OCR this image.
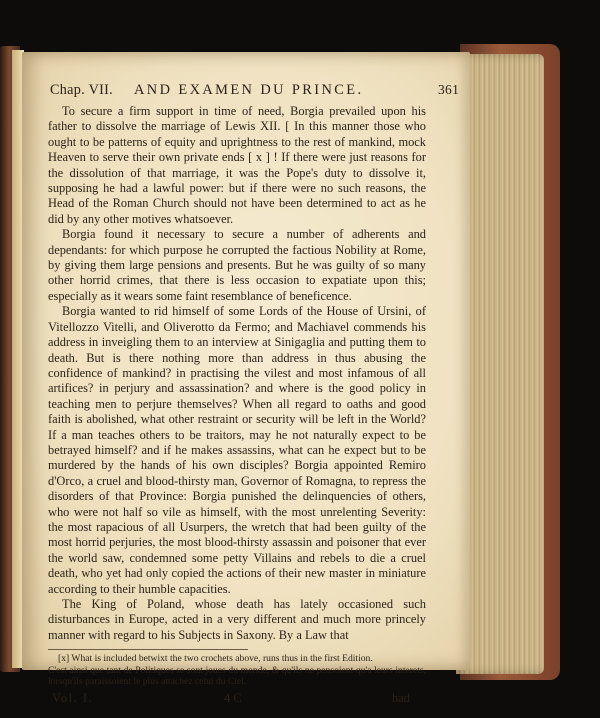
Chap. VII. AND EXAMEN DU PRINCE.	361

To secure a firm support in time of need, Borgia prevailed upon his father to dissolve the marriage of Lewis XII. [ In this manner those who ought to be patterns of equity and uprightness to the rest of mankind, mock Heaven to serve their own private ends [ x ] ! If there were just reasons for the dissolution of that marriage, it was the Pope's duty to dissolve it, supposing he had a lawful power: but if there were no such reasons, the Head of the Roman Church should not have been determined to act as he did by any other motives whatsoever.

Borgia found it necessary to secure a number of adherents and dependants: for which purpose he corrupted the factious Nobility at Rome, by giving them large pensions and presents. But he was guilty of so many other horrid crimes, that there is less occasion to expatiate upon this; especially as it wears some faint resemblance of beneficence.

Borgia wanted to rid himself of some Lords of the House of Ursini, of Vitellozzo Vitelli, and Oliverotto da Fermo; and Machiavel commends his address in inveigling them to an interview at Sinigaglia and putting them to death. But is there nothing more than address in thus abusing the confidence of mankind? in practising the vilest and most infamous of all artifices? in perjury and assassination? and where is the good policy in teaching men to perjure themselves? When all regard to oaths and good faith is abolished, what other restraint or security will be left in the World? If a man teaches others to be traitors, may he not naturally expect to be betrayed himself? and if he makes assassins, what can he expect but to be murdered by the hands of his own disciples? Borgia appointed Remiro d'Orco, a cruel and blood-thirsty man, Governor of Romagna, to repress the disorders of that Province: Borgia punished the delinquencies of others, who were not half so vile as himself, with the most unrelenting Severity: the most rapacious of all Usurpers, the wretch that had been guilty of the most horrid perjuries, the most blood-thirsty assassin and poisoner that ever the world saw, condemned some petty Villains and rebels to die a cruel death, who yet had only copied the actions of their new master in miniature according to their humble capacities.

The King of Poland, whose death has lately occasioned such disturbances in Europe, acted in a very different and much more princely manner with regard to his Subjects in Saxony. By a Law that

[x] What is included betwixt the two crochets above, runs thus in the first Edition.

C'est ainsi que tant de Politiques se sont joues du monde, & qu'ils ne pensoient qu'a leurs interets, lorsqu'ils paraissoient le plus attachez celui du Ciel.

Vol. I.	4 C	had
